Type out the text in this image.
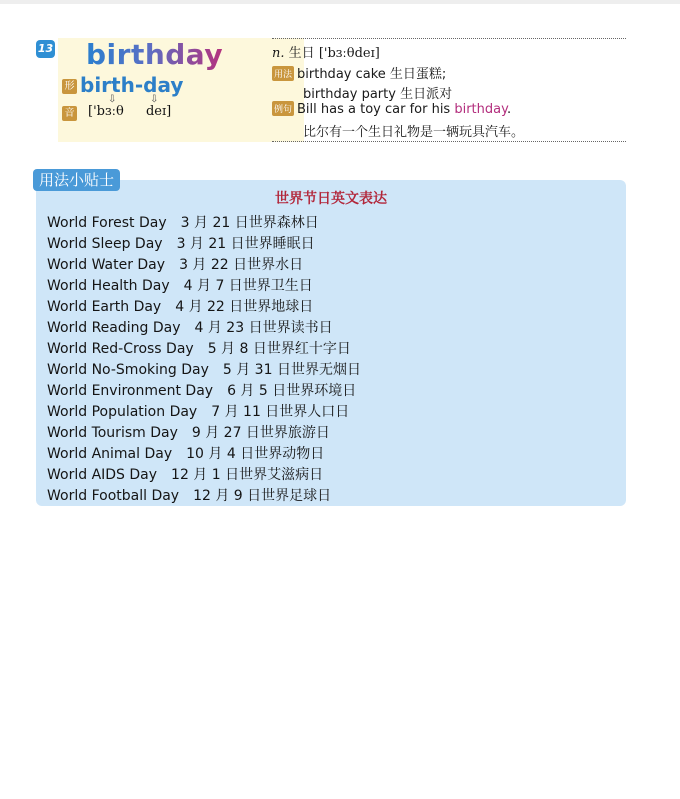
13 birthday
形 birth-day
⇩	⇩
音 ['bɜːθ deɪ]
n. 生日 ['bɜːθdeɪ]
用法 birthday cake 生日蛋糕;
birthday party 生日派对
例句 Bill has a toy car for his birthday.
比尔有一个生日礼物是一辆玩具汽车。
用法小贴士
世界节日英文表达
World Forest Day 3 月 21 日世界森林日
World Sleep Day 3 月 21 日世界睡眠日
World Water Day 3 月 22 日世界水日
World Health Day 4 月 7 日世界卫生日
World Earth Day 4 月 22 日世界地球日
World Reading Day 4 月 23 日世界读书日
World Red-Cross Day 5 月 8 日世界红十字日
World No-Smoking Day 5 月 31 日世界无烟日
World Environment Day 6 月 5 日世界环境日
World Population Day 7 月 11 日世界人口日
World Tourism Day 9 月 27 日世界旅游日
World Animal Day 10 月 4 日世界动物日
World AIDS Day 12 月 1 日世界艾滋病日
World Football Day 12 月 9 日世界足球日
